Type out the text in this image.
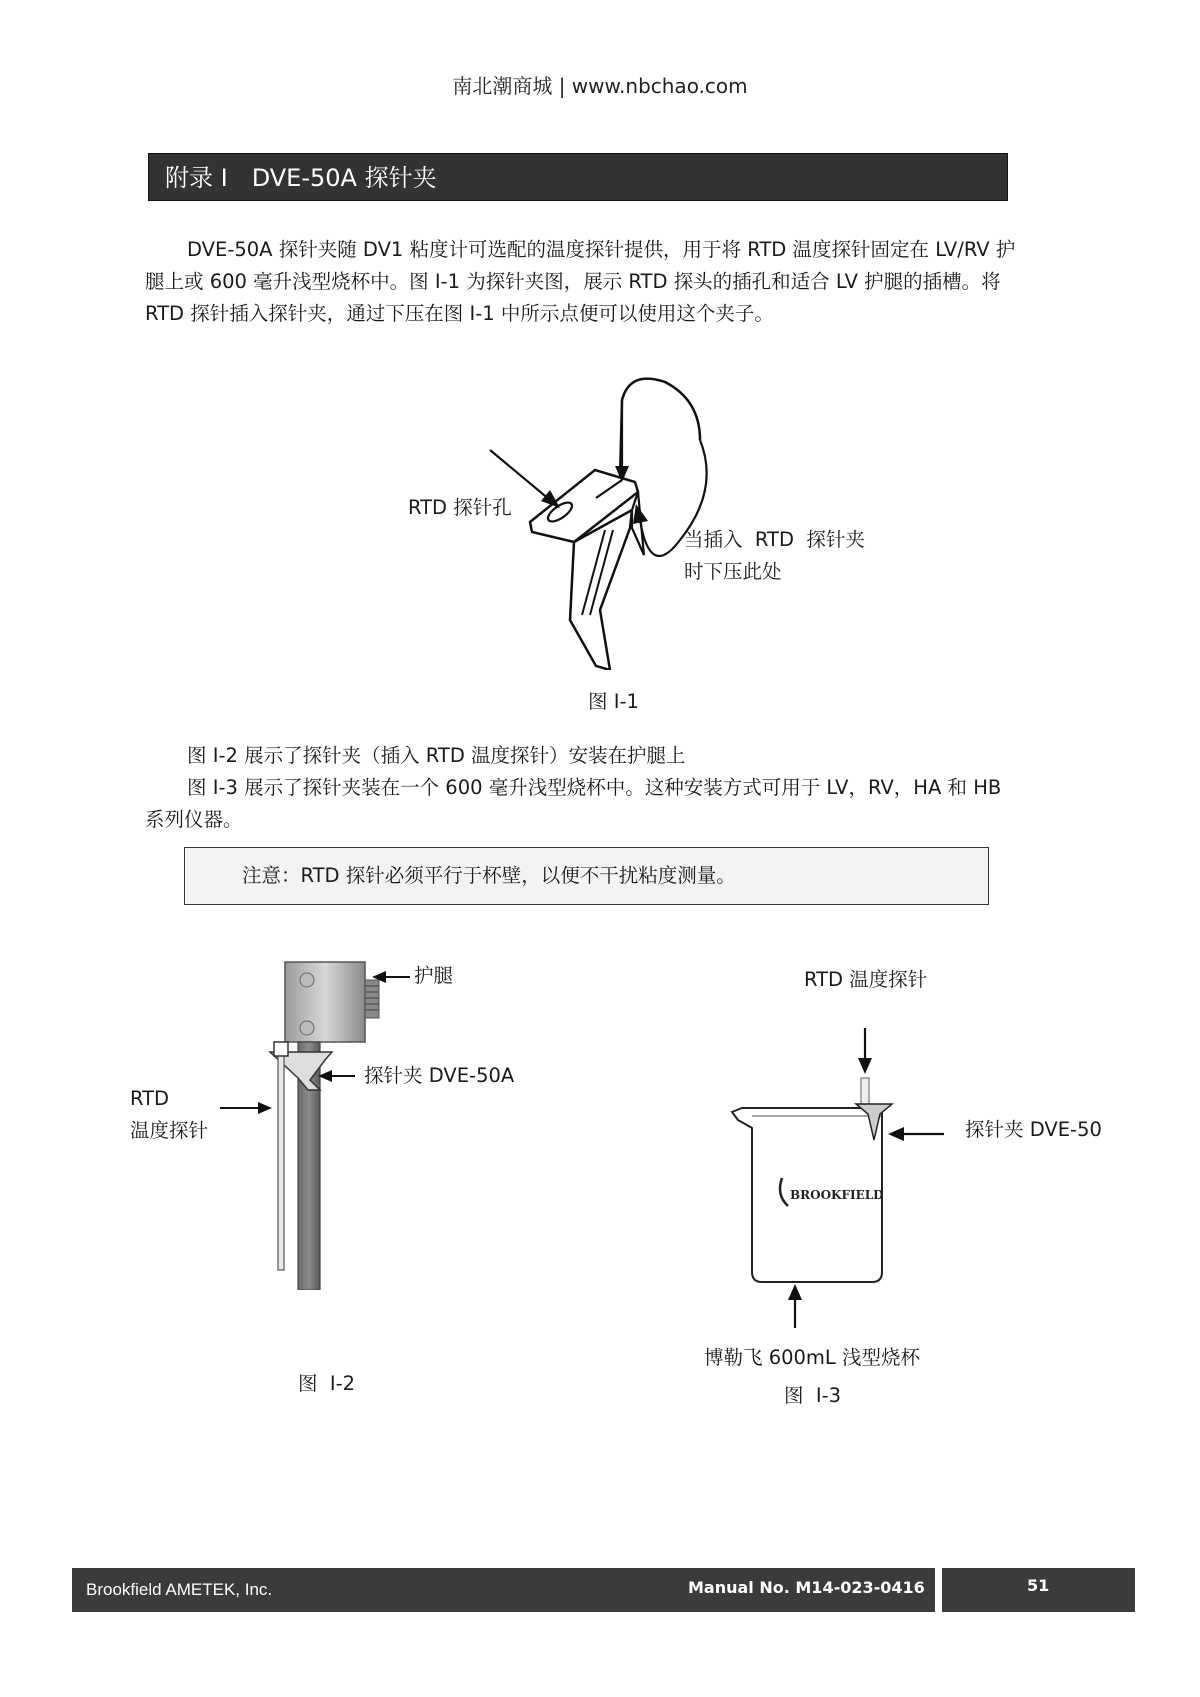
南北潮商城 | www.nbchao.com
附录 I　DVE-50A 探针夹
DVE-50A 探针夹随 DV1 粘度计可选配的温度探针提供，用于将 RTD 温度探针固定在 LV/RV 护腿上或 600 毫升浅型烧杯中。图 I-1 为探针夹图，展示 RTD 探头的插孔和适合 LV 护腿的插槽。将 RTD 探针插入探针夹，通过下压在图 I-1 中所示点便可以使用这个夹子。
RTD 探针孔
当插入  RTD  探针夹
时下压此处
图 I-1
图 I-2 展示了探针夹（插入 RTD 温度探针）安装在护腿上
图 I-3 展示了探针夹装在一个 600 毫升浅型烧杯中。这种安装方式可用于 LV，RV，HA 和 HB 系列仪器。
注意：RTD 探针必须平行于杯壁，以便不干扰粘度测量。
护腿
探针夹 DVE-50A
RTD
温度探针
图  I-2
BROOKFIELD
RTD 温度探针
探针夹 DVE-50
博勒飞 600mL 浅型烧杯
图  I-3
Brookfield AMETEK, Inc.	Manual No. M14-023-0416	51
